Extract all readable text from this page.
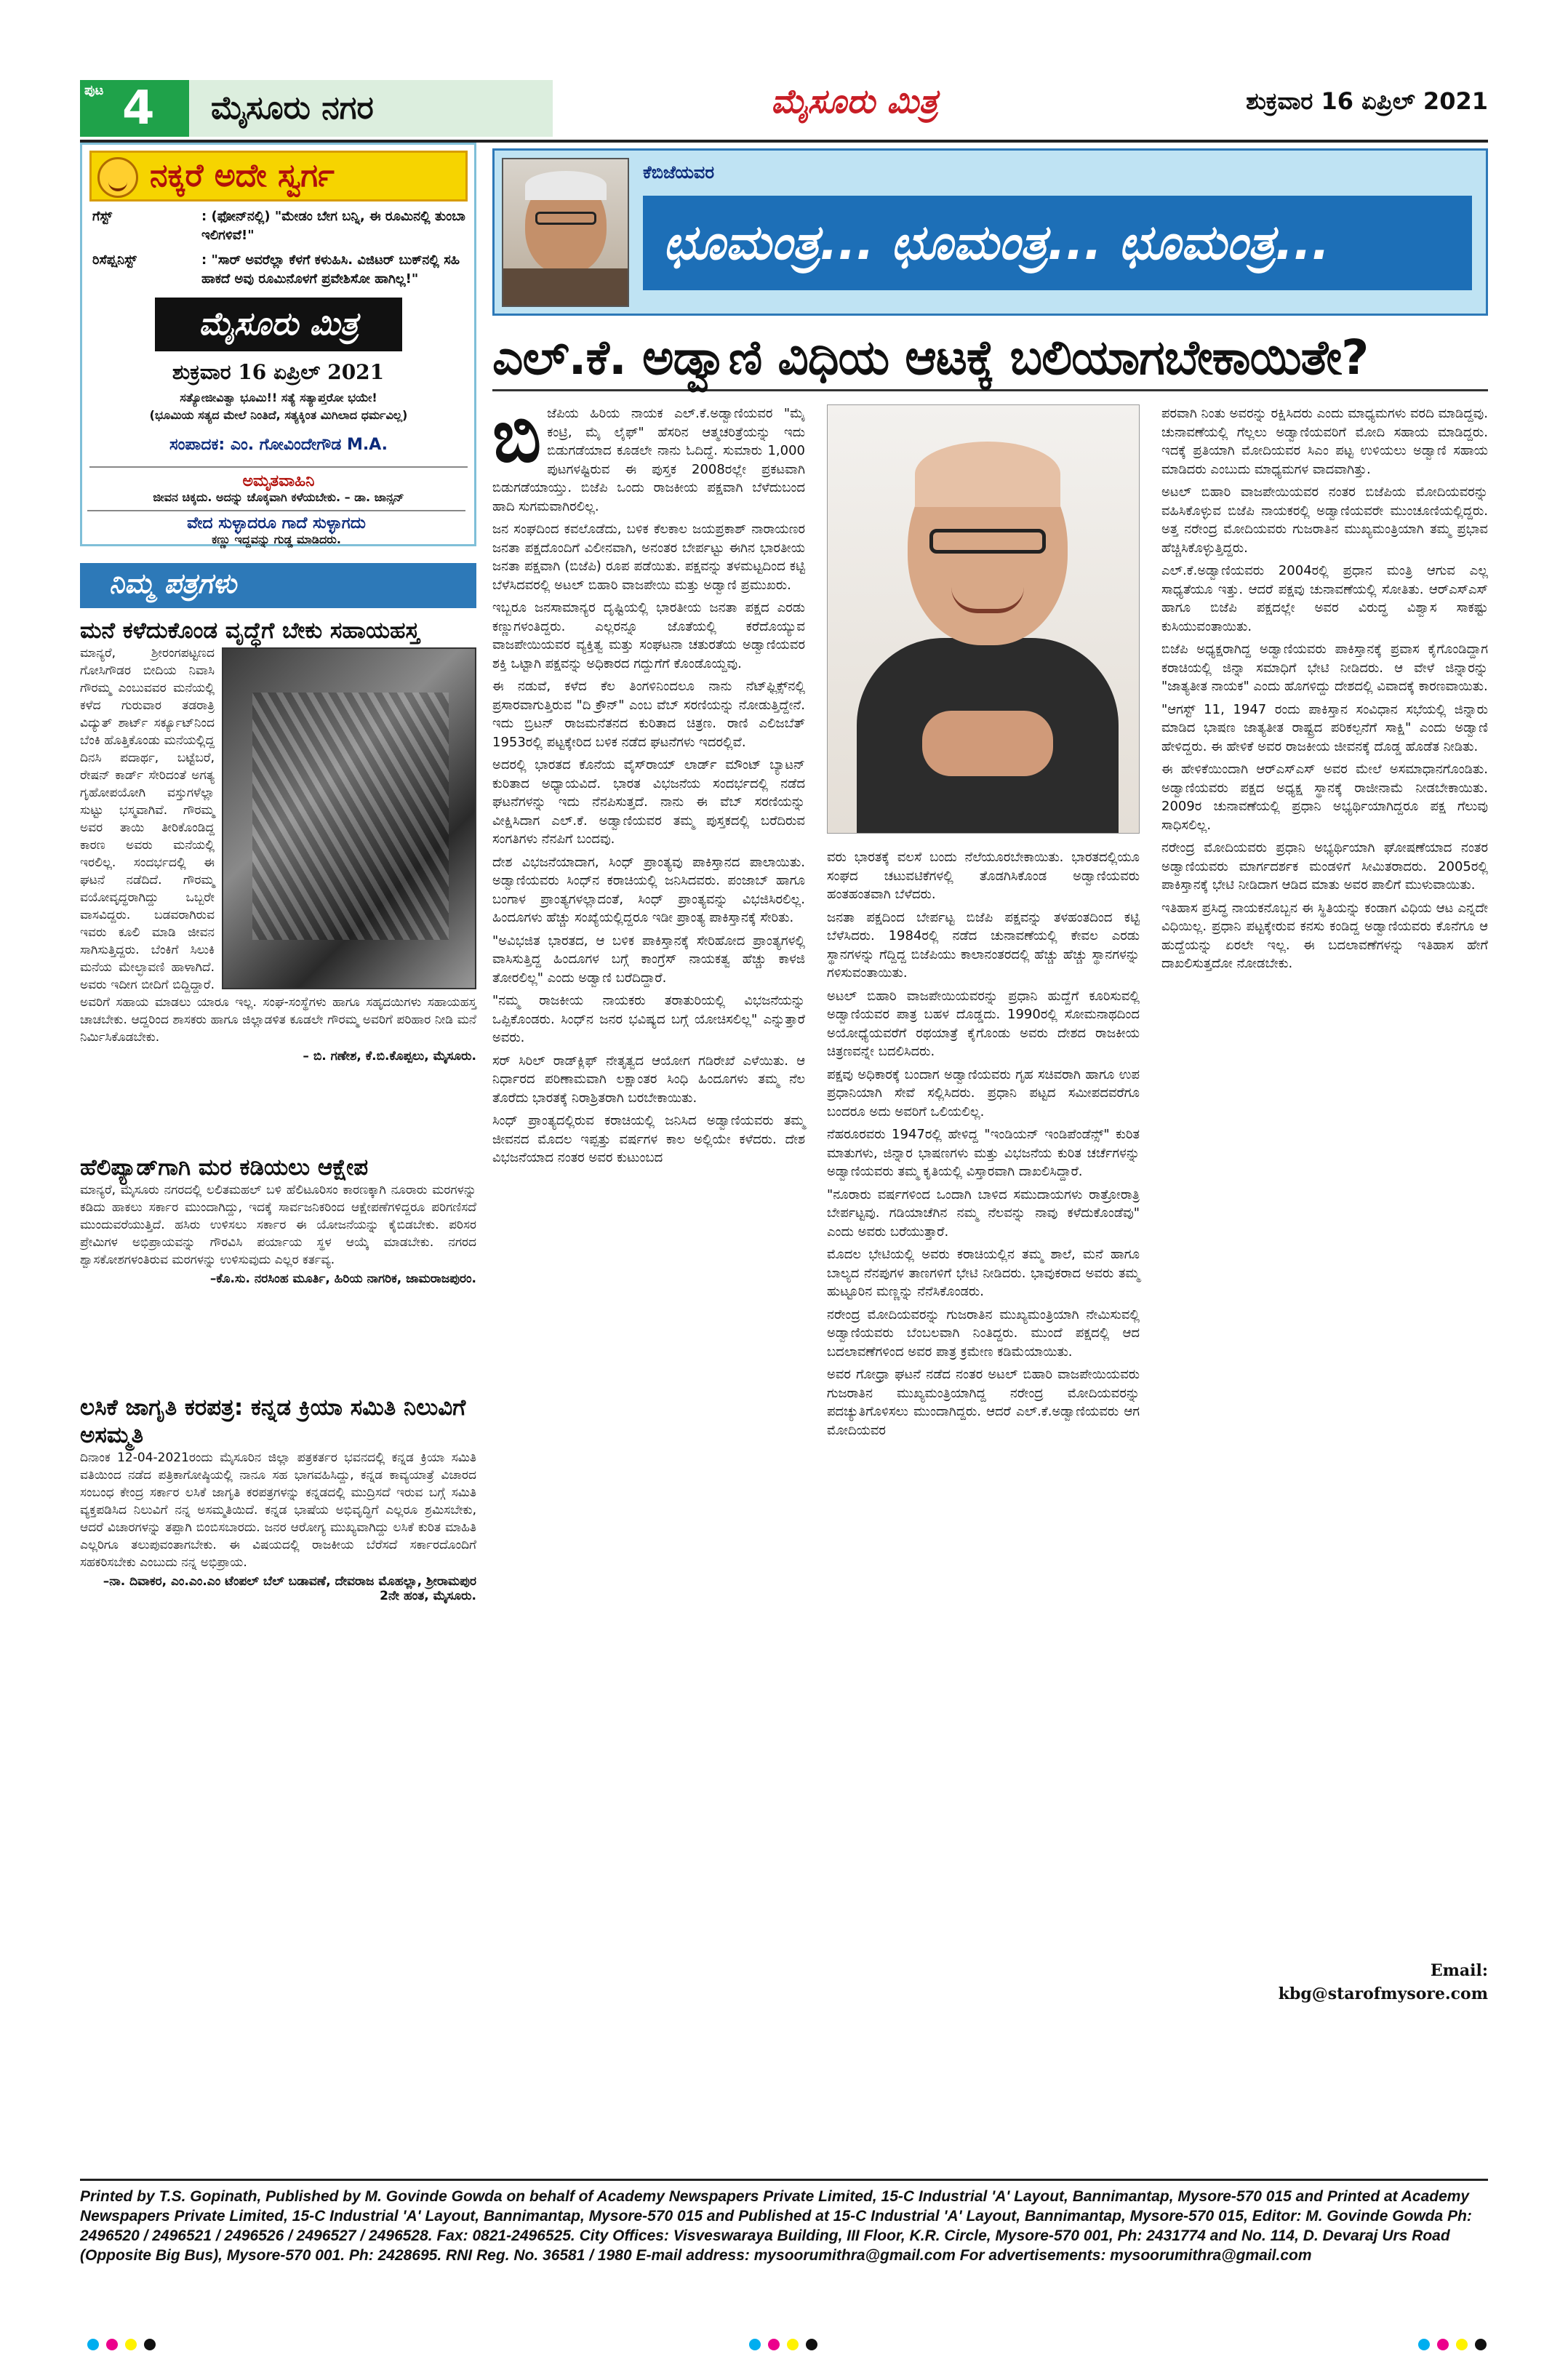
ಪುಟ 4	ಮೈಸೂರು ನಗರ	ಮೈಸೂರು ಮಿತ್ರ	ಶುಕ್ರವಾರ 16 ಏಪ್ರಿಲ್ 2021
ನಕ್ಕರೆ ಅದೇ ಸ್ವರ್ಗ
ಗೆಸ್ಟ್	: (ಫೋನ್‌ನಲ್ಲಿ) "ಮೇಡಂ ಬೇಗ ಬನ್ನಿ, ಈ ರೂಮಿನಲ್ಲಿ ತುಂಬಾ ಇಲಿಗಳಿವೆ!"
ರಿಸೆಪ್ಷನಿಸ್ಟ್	: "ಸಾರ್ ಅವರೆಲ್ಲಾ ಕೆಳಗೆ ಕಳುಹಿಸಿ. ವಿಜಿಟರ್ ಬುಕ್‌ನಲ್ಲಿ ಸಹಿ ಹಾಕದೆ ಅವು ರೂಮಿನೊಳಗೆ ಪ್ರವೇಶಿಸೋ ಹಾಗಿಲ್ಲ!"
ಮೈಸೂರು ಮಿತ್ರ
ಶುಕ್ರವಾರ 16 ಏಪ್ರಿಲ್ 2021
ಸತ್ಯೋಜೀವಿತ್ವಾ ಭೂಮಿ!! ಸತ್ಯೆ ಸತ್ಯಾಪ್ತರೋ ಭಯೇ!
(ಭೂಮಿಯ ಸತ್ಯದ ಮೇಲೆ ನಿಂತಿದೆ, ಸತ್ಯಕ್ಕಿಂತ ಮಿಗಿಲಾದ ಧರ್ಮವಿಲ್ಲ)
ಸಂಪಾದಕ: ಎಂ. ಗೋವಿಂದೇಗೌಡ M.A.
ಅಮೃತವಾಹಿನಿ
ಜೀವನ ಚಿಕ್ಕದು. ಅದನ್ನು ಚೊಕ್ಕವಾಗಿ ಕಳೆಯಬೇಕು. – ಡಾ. ಜಾನ್ಸನ್
ವೇದ ಸುಳ್ಳಾದರೂ ಗಾದೆ ಸುಳ್ಳಾಗದು
ಕಣ್ಣು ಇದ್ದವನ್ನು ಗುಡ್ಡ ಮಾಡಿದರು.
ನಿಮ್ಮ ಪತ್ರಗಳು
ಮನೆ ಕಳೆದುಕೊಂಡ ವೃದ್ಧೆಗೆ ಬೇಕು ಸಹಾಯಹಸ್ತ
ಮಾನ್ಯರೆ, ಶ್ರೀರಂಗಪಟ್ಟಣದ ಗೋಸಿಗೌಡರ ಬೀದಿಯ ನಿವಾಸಿ ಗೌರಮ್ಮ ಎಂಬುವವರ ಮನೆಯಲ್ಲಿ ಕಳೆದ ಗುರುವಾರ ತಡರಾತ್ರಿ ವಿದ್ಯುತ್ ಶಾರ್ಟ್ ಸರ್ಕ್ಯೂಟ್‌ನಿಂದ ಬೆಂಕಿ ಹೊತ್ತಿಕೊಂಡು ಮನೆಯಲ್ಲಿದ್ದ ದಿನಸಿ ಪದಾರ್ಥ, ಬಟ್ಟೆಬರೆ, ರೇಷನ್ ಕಾರ್ಡ್ ಸೇರಿದಂತೆ ಅಗತ್ಯ ಗೃಹೋಪಯೋಗಿ ವಸ್ತುಗಳೆಲ್ಲಾ ಸುಟ್ಟು ಭಸ್ಮವಾಗಿವೆ. ಗೌರಮ್ಮ ಅವರ ತಾಯಿ ತೀರಿಕೊಂಡಿದ್ದ ಕಾರಣ ಅವರು ಮನೆಯಲ್ಲಿ ಇರಲಿಲ್ಲ. ಸಂದರ್ಭದಲ್ಲಿ ಈ ಘಟನೆ ನಡೆದಿದೆ. ಗೌರಮ್ಮ ವಯೋವೃದ್ಧರಾಗಿದ್ದು ಒಬ್ಬರೇ ವಾಸವಿದ್ದರು. ಬಡವರಾಗಿರುವ ಇವರು ಕೂಲಿ ಮಾಡಿ ಜೀವನ ಸಾಗಿಸುತ್ತಿದ್ದರು. ಬೆಂಕಿಗೆ ಸಿಲುಕಿ ಮನೆಯ ಮೇಲ್ಛಾವಣಿ ಹಾಳಾಗಿದೆ. ಅವರು ಇದೀಗ ಬೀದಿಗೆ ಬಿದ್ದಿದ್ದಾರೆ. ಅವರಿಗೆ ಸಹಾಯ ಮಾಡಲು ಯಾರೂ ಇಲ್ಲ. ಸಂಘ-ಸಂಸ್ಥೆಗಳು ಹಾಗೂ ಸಹೃದಯಿಗಳು ಸಹಾಯಹಸ್ತ ಚಾಚಬೇಕು. ಆದ್ದರಿಂದ ಶಾಸಕರು ಹಾಗೂ ಜಿಲ್ಲಾಡಳಿತ ಕೂಡಲೇ ಗೌರಮ್ಮ ಅವರಿಗೆ ಪರಿಹಾರ ನೀಡಿ ಮನೆ ನಿರ್ಮಿಸಿಕೊಡಬೇಕು.
– ಬಿ. ಗಣೇಶ, ಕೆ.ಬಿ.ಕೊಪ್ಪಲು, ಮೈಸೂರು.
ಹೆಲಿಪ್ಯಾಡ್‌ಗಾಗಿ ಮರ ಕಡಿಯಲು ಆಕ್ಷೇಪ
ಮಾನ್ಯರೆ, ಮೈಸೂರು ನಗರದಲ್ಲಿ ಲಲಿತಮಹಲ್ ಬಳಿ ಹೆಲಿಟೂರಿಸಂ ಕಾರಣಕ್ಕಾಗಿ ನೂರಾರು ಮರಗಳನ್ನು ಕಡಿದು ಹಾಕಲು ಸರ್ಕಾರ ಮುಂದಾಗಿದ್ದು, ಇದಕ್ಕೆ ಸಾರ್ವಜನಿಕರಿಂದ ಆಕ್ಷೇಪಣೆಗಳಿದ್ದರೂ ಪರಿಗಣಿಸದೆ ಮುಂದುವರೆಯುತ್ತಿದೆ. ಹಸಿರು ಉಳಿಸಲು ಸರ್ಕಾರ ಈ ಯೋಜನೆಯನ್ನು ಕೈಬಿಡಬೇಕು. ಪರಿಸರ ಪ್ರೇಮಿಗಳ ಅಭಿಪ್ರಾಯವನ್ನು ಗೌರವಿಸಿ ಪರ್ಯಾಯ ಸ್ಥಳ ಆಯ್ಕೆ ಮಾಡಬೇಕು. ನಗರದ ಶ್ವಾಸಕೋಶಗಳಂತಿರುವ ಮರಗಳನ್ನು ಉಳಿಸುವುದು ಎಲ್ಲರ ಕರ್ತವ್ಯ.
–ಕೊ.ಸು. ನರಸಿಂಹ ಮೂರ್ತಿ, ಹಿರಿಯ ನಾಗರಿಕ, ಜಾಮರಾಜಪುರಂ.
ಲಸಿಕೆ ಜಾಗೃತಿ ಕರಪತ್ರ: ಕನ್ನಡ ಕ್ರಿಯಾ ಸಮಿತಿ ನಿಲುವಿಗೆ ಅಸಮ್ಮತಿ
ದಿನಾಂಕ 12-04-2021ರಂದು ಮೈಸೂರಿನ ಜಿಲ್ಲಾ ಪತ್ರಕರ್ತರ ಭವನದಲ್ಲಿ ಕನ್ನಡ ಕ್ರಿಯಾ ಸಮಿತಿ ವತಿಯಿಂದ ನಡೆದ ಪತ್ರಿಕಾಗೋಷ್ಠಿಯಲ್ಲಿ ನಾನೂ ಸಹ ಭಾಗವಹಿಸಿದ್ದು, ಕನ್ನಡ ಕಾವ್ಯಯಾತ್ರೆ ವಿಚಾರದ ಸಂಬಂಧ ಕೇಂದ್ರ ಸರ್ಕಾರ ಲಸಿಕೆ ಜಾಗೃತಿ ಕರಪತ್ರಗಳನ್ನು ಕನ್ನಡದಲ್ಲಿ ಮುದ್ರಿಸದೆ ಇರುವ ಬಗ್ಗೆ ಸಮಿತಿ ವ್ಯಕ್ತಪಡಿಸಿದ ನಿಲುವಿಗೆ ನನ್ನ ಅಸಮ್ಮತಿಯಿದೆ. ಕನ್ನಡ ಭಾಷೆಯ ಅಭಿವೃದ್ಧಿಗೆ ಎಲ್ಲರೂ ಶ್ರಮಿಸಬೇಕು, ಆದರೆ ವಿಚಾರಗಳನ್ನು ತಪ್ಪಾಗಿ ಬಿಂಬಿಸಬಾರದು. ಜನರ ಆರೋಗ್ಯ ಮುಖ್ಯವಾಗಿದ್ದು ಲಸಿಕೆ ಕುರಿತ ಮಾಹಿತಿ ಎಲ್ಲರಿಗೂ ತಲುಪುವಂತಾಗಬೇಕು. ಈ ವಿಷಯದಲ್ಲಿ ರಾಜಕೀಯ ಬೆರೆಸದೆ ಸರ್ಕಾರದೊಂದಿಗೆ ಸಹಕರಿಸಬೇಕು ಎಂಬುದು ನನ್ನ ಅಭಿಪ್ರಾಯ.
–ನಾ. ದಿವಾಕರ, ಎಂ.ಎಂ.ಎಂ ಟೆಂಪಲ್ ಬೆಲ್ ಬಡಾವಣೆ, ದೇವರಾಜ ಮೊಹಲ್ಲಾ, ಶ್ರೀರಾಮಪುರ 2ನೇ ಹಂತ, ಮೈಸೂರು.
ಕೆಬಿಜೆಯವರ
ಛೂಮಂತ್ರ... ಛೂಮಂತ್ರ... ಛೂಮಂತ್ರ...
ಎಲ್.ಕೆ. ಅಡ್ವಾಣಿ ವಿಧಿಯ ಆಟಕ್ಕೆ ಬಲಿಯಾಗಬೇಕಾಯಿತೇ?

ಬಿಜೆಪಿಯ ಹಿರಿಯ ನಾಯಕ ಎಲ್.ಕೆ.ಅಡ್ವಾಣಿಯವರ "ಮೈ ಕಂಟ್ರಿ, ಮೈ ಲೈಫ್" ಹೆಸರಿನ ಆತ್ಮಚರಿತ್ರೆಯನ್ನು ಇದು ಬಿಡುಗಡೆಯಾದ ಕೂಡಲೇ ನಾನು ಓದಿದ್ದೆ. ಸುಮಾರು 1,000 ಪುಟಗಳಷ್ಟಿರುವ ಈ ಪುಸ್ತಕ 2008ರಲ್ಲೇ ಪ್ರಕಟವಾಗಿ ಬಿಡುಗಡೆಯಾಯ್ತು. ಬಿಜೆಪಿ ಒಂದು ರಾಜಕೀಯ ಪಕ್ಷವಾಗಿ ಬೆಳೆದುಬಂದ ಹಾದಿ ಸುಗಮವಾಗಿರಲಿಲ್ಲ.

ಜನ ಸಂಘದಿಂದ ಕವಲೊಡೆದು, ಬಳಿಕ ಕೆಲಕಾಲ ಜಯಪ್ರಕಾಶ್ ನಾರಾಯಣರ ಜನತಾ ಪಕ್ಷದೊಂದಿಗೆ ವಿಲೀನವಾಗಿ, ಅನಂತರ ಬೇರ್ಪಟ್ಟು ಈಗಿನ ಭಾರತೀಯ ಜನತಾ ಪಕ್ಷವಾಗಿ (ಬಿಜೆಪಿ) ರೂಪ ಪಡೆಯಿತು. ಪಕ್ಷವನ್ನು ತಳಮಟ್ಟದಿಂದ ಕಟ್ಟಿ ಬೆಳೆಸಿದವರಲ್ಲಿ ಅಟಲ್ ಬಿಹಾರಿ ವಾಜಪೇಯಿ ಮತ್ತು ಅಡ್ವಾಣಿ ಪ್ರಮುಖರು.

ಇಬ್ಬರೂ ಜನಸಾಮಾನ್ಯರ ದೃಷ್ಟಿಯಲ್ಲಿ ಭಾರತೀಯ ಜನತಾ ಪಕ್ಷದ ಎರಡು ಕಣ್ಣುಗಳಂತಿದ್ದರು. ಎಲ್ಲರನ್ನೂ ಜೊತೆಯಲ್ಲಿ ಕರೆದೊಯ್ಯುವ ವಾಜಪೇಯಿಯವರ ವ್ಯಕ್ತಿತ್ವ ಮತ್ತು ಸಂಘಟನಾ ಚತುರತೆಯ ಅಡ್ವಾಣಿಯವರ ಶಕ್ತಿ ಒಟ್ಟಾಗಿ ಪಕ್ಷವನ್ನು ಅಧಿಕಾರದ ಗದ್ದುಗೆಗೆ ಕೊಂಡೊಯ್ದವು.

ಈ ನಡುವೆ, ಕಳೆದ ಕೆಲ ತಿಂಗಳಿನಿಂದಲೂ ನಾನು ನೆಟ್‌ಫ್ಲಿಕ್ಸ್‌ನಲ್ಲಿ ಪ್ರಸಾರವಾಗುತ್ತಿರುವ "ದಿ ಕ್ರೌನ್" ಎಂಬ ವೆಬ್ ಸರಣಿಯನ್ನು ನೋಡುತ್ತಿದ್ದೇನೆ. ಇದು ಬ್ರಿಟನ್ ರಾಜಮನೆತನದ ಕುರಿತಾದ ಚಿತ್ರಣ. ರಾಣಿ ಎಲಿಜಬೆತ್ 1953ರಲ್ಲಿ ಪಟ್ಟಕ್ಕೇರಿದ ಬಳಿಕ ನಡೆದ ಘಟನೆಗಳು ಇದರಲ್ಲಿವೆ.

ಅದರಲ್ಲಿ ಭಾರತದ ಕೊನೆಯ ವೈಸ್‌ರಾಯ್ ಲಾರ್ಡ್ ಮೌಂಟ್ ಬ್ಯಾಟನ್ ಕುರಿತಾದ ಅಧ್ಯಾಯವಿದೆ. ಭಾರತ ವಿಭಜನೆಯ ಸಂದರ್ಭದಲ್ಲಿ ನಡೆದ ಘಟನೆಗಳನ್ನು ಇದು ನೆನಪಿಸುತ್ತದೆ. ನಾನು ಈ ವೆಬ್ ಸರಣಿಯನ್ನು ವೀಕ್ಷಿಸಿದಾಗ ಎಲ್.ಕೆ. ಅಡ್ವಾಣಿಯವರ ತಮ್ಮ ಪುಸ್ತಕದಲ್ಲಿ ಬರೆದಿರುವ ಸಂಗತಿಗಳು ನೆನಪಿಗೆ ಬಂದವು.

ದೇಶ ವಿಭಜನೆಯಾದಾಗ, ಸಿಂಧ್ ಪ್ರಾಂತ್ಯವು ಪಾಕಿಸ್ತಾನದ ಪಾಲಾಯಿತು. ಅಡ್ವಾಣಿಯವರು ಸಿಂಧ್‌ನ ಕರಾಚಿಯಲ್ಲಿ ಜನಿಸಿದವರು. ಪಂಜಾಬ್ ಹಾಗೂ ಬಂಗಾಳ ಪ್ರಾಂತ್ಯಗಳಲ್ಲಾದಂತೆ, ಸಿಂಧ್ ಪ್ರಾಂತ್ಯವನ್ನು ವಿಭಜಿಸಿರಲಿಲ್ಲ. ಹಿಂದೂಗಳು ಹೆಚ್ಚು ಸಂಖ್ಯೆಯಲ್ಲಿದ್ದರೂ ಇಡೀ ಪ್ರಾಂತ್ಯ ಪಾಕಿಸ್ತಾನಕ್ಕೆ ಸೇರಿತು.

"ಅವಿಭಜಿತ ಭಾರತದ, ಆ ಬಳಿಕ ಪಾಕಿಸ್ತಾನಕ್ಕೆ ಸೇರಿಹೋದ ಪ್ರಾಂತ್ಯಗಳಲ್ಲಿ ವಾಸಿಸುತ್ತಿದ್ದ ಹಿಂದೂಗಳ ಬಗ್ಗೆ ಕಾಂಗ್ರೆಸ್ ನಾಯಕತ್ವ ಹೆಚ್ಚು ಕಾಳಜಿ ತೋರಲಿಲ್ಲ" ಎಂದು ಅಡ್ವಾಣಿ ಬರೆದಿದ್ದಾರೆ.

"ನಮ್ಮ ರಾಜಕೀಯ ನಾಯಕರು ತರಾತುರಿಯಲ್ಲಿ ವಿಭಜನೆಯನ್ನು ಒಪ್ಪಿಕೊಂಡರು. ಸಿಂಧ್‌ನ ಜನರ ಭವಿಷ್ಯದ ಬಗ್ಗೆ ಯೋಚಿಸಲಿಲ್ಲ" ಎನ್ನುತ್ತಾರೆ ಅವರು.

ಸರ್ ಸಿರಿಲ್ ರಾಡ್‌ಕ್ಲಿಫ್ ನೇತೃತ್ವದ ಆಯೋಗ ಗಡಿರೇಖೆ ಎಳೆಯಿತು. ಆ ನಿರ್ಧಾರದ ಪರಿಣಾಮವಾಗಿ ಲಕ್ಷಾಂತರ ಸಿಂಧಿ ಹಿಂದೂಗಳು ತಮ್ಮ ನೆಲ ತೊರೆದು ಭಾರತಕ್ಕೆ ನಿರಾಶ್ರಿತರಾಗಿ ಬರಬೇಕಾಯಿತು.

ಸಿಂಧ್ ಪ್ರಾಂತ್ಯದಲ್ಲಿರುವ ಕರಾಚಿಯಲ್ಲಿ ಜನಿಸಿದ ಅಡ್ವಾಣಿಯವರು ತಮ್ಮ ಜೀವನದ ಮೊದಲ ಇಪ್ಪತ್ತು ವರ್ಷಗಳ ಕಾಲ ಅಲ್ಲಿಯೇ ಕಳೆದರು. ದೇಶ ವಿಭಜನೆಯಾದ ನಂತರ ಅವರ ಕುಟುಂಬದ

ವರು ಭಾರತಕ್ಕೆ ವಲಸೆ ಬಂದು ನೆಲೆಯೂರಬೇಕಾಯಿತು. ಭಾರತದಲ್ಲಿಯೂ ಸಂಘದ ಚಟುವಟಿಕೆಗಳಲ್ಲಿ ತೊಡಗಿಸಿಕೊಂಡ ಅಡ್ವಾಣಿಯವರು ಹಂತಹಂತವಾಗಿ ಬೆಳೆದರು.

ಜನತಾ ಪಕ್ಷದಿಂದ ಬೇರ್ಪಟ್ಟ ಬಿಜೆಪಿ ಪಕ್ಷವನ್ನು ತಳಹಂತದಿಂದ ಕಟ್ಟಿ ಬೆಳೆಸಿದರು. 1984ರಲ್ಲಿ ನಡೆದ ಚುನಾವಣೆಯಲ್ಲಿ ಕೇವಲ ಎರಡು ಸ್ಥಾನಗಳನ್ನು ಗೆದ್ದಿದ್ದ ಬಿಜೆಪಿಯು ಕಾಲಾನಂತರದಲ್ಲಿ ಹೆಚ್ಚು ಹೆಚ್ಚು ಸ್ಥಾನಗಳನ್ನು ಗಳಿಸುವಂತಾಯಿತು.

ಅಟಲ್ ಬಿಹಾರಿ ವಾಜಪೇಯಿಯವರನ್ನು ಪ್ರಧಾನಿ ಹುದ್ದೆಗೆ ಕೂರಿಸುವಲ್ಲಿ ಅಡ್ವಾಣಿಯವರ ಪಾತ್ರ ಬಹಳ ದೊಡ್ಡದು. 1990ರಲ್ಲಿ ಸೋಮನಾಥದಿಂದ ಅಯೋಧ್ಯೆಯವರೆಗೆ ರಥಯಾತ್ರೆ ಕೈಗೊಂಡು ಅವರು ದೇಶದ ರಾಜಕೀಯ ಚಿತ್ರಣವನ್ನೇ ಬದಲಿಸಿದರು.

ಪಕ್ಷವು ಅಧಿಕಾರಕ್ಕೆ ಬಂದಾಗ ಅಡ್ವಾಣಿಯವರು ಗೃಹ ಸಚಿವರಾಗಿ ಹಾಗೂ ಉಪ ಪ್ರಧಾನಿಯಾಗಿ ಸೇವೆ ಸಲ್ಲಿಸಿದರು. ಪ್ರಧಾನಿ ಪಟ್ಟದ ಸಮೀಪದವರೆಗೂ ಬಂದರೂ ಅದು ಅವರಿಗೆ ಒಲಿಯಲಿಲ್ಲ.

ನೆಹರೂರವರು 1947ರಲ್ಲಿ ಹೇಳಿದ್ದ "ಇಂಡಿಯನ್ ಇಂಡಿಪೆಂಡೆನ್ಸ್" ಕುರಿತ ಮಾತುಗಳು, ಜಿನ್ನಾರ ಭಾಷಣಗಳು ಮತ್ತು ವಿಭಜನೆಯ ಕುರಿತ ಚರ್ಚೆಗಳನ್ನು ಅಡ್ವಾಣಿಯವರು ತಮ್ಮ ಕೃತಿಯಲ್ಲಿ ವಿಸ್ತಾರವಾಗಿ ದಾಖಲಿಸಿದ್ದಾರೆ.

"ನೂರಾರು ವರ್ಷಗಳಿಂದ ಒಂದಾಗಿ ಬಾಳಿದ ಸಮುದಾಯಗಳು ರಾತ್ರೋರಾತ್ರಿ ಬೇರ್ಪಟ್ಟವು. ಗಡಿಯಾಚೆಗಿನ ನಮ್ಮ ನೆಲವನ್ನು ನಾವು ಕಳೆದುಕೊಂಡೆವು" ಎಂದು ಅವರು ಬರೆಯುತ್ತಾರೆ.

ಮೊದಲ ಭೇಟಿಯಲ್ಲಿ ಅವರು ಕರಾಚಿಯಲ್ಲಿನ ತಮ್ಮ ಶಾಲೆ, ಮನೆ ಹಾಗೂ ಬಾಲ್ಯದ ನೆನಪುಗಳ ತಾಣಗಳಿಗೆ ಭೇಟಿ ನೀಡಿದರು. ಭಾವುಕರಾದ ಅವರು ತಮ್ಮ ಹುಟ್ಟೂರಿನ ಮಣ್ಣನ್ನು ನೆನೆಸಿಕೊಂಡರು.

ನರೇಂದ್ರ ಮೋದಿಯವರನ್ನು ಗುಜರಾತಿನ ಮುಖ್ಯಮಂತ್ರಿಯಾಗಿ ನೇಮಿಸುವಲ್ಲಿ ಅಡ್ವಾಣಿಯವರು ಬೆಂಬಲವಾಗಿ ನಿಂತಿದ್ದರು. ಮುಂದೆ ಪಕ್ಷದಲ್ಲಿ ಆದ ಬದಲಾವಣೆಗಳಿಂದ ಅವರ ಪಾತ್ರ ಕ್ರಮೇಣ ಕಡಿಮೆಯಾಯಿತು.

ಅವರ ಗೋಧ್ರಾ ಘಟನೆ ನಡೆದ ನಂತರ ಅಟಲ್ ಬಿಹಾರಿ ವಾಜಪೇಯಿಯವರು ಗುಜರಾತಿನ ಮುಖ್ಯಮಂತ್ರಿಯಾಗಿದ್ದ ನರೇಂದ್ರ ಮೋದಿಯವರನ್ನು ಪದಚ್ಯುತಿಗೊಳಿಸಲು ಮುಂದಾಗಿದ್ದರು. ಆದರೆ ಎಲ್.ಕೆ.ಅಡ್ವಾಣಿಯವರು ಆಗ ಮೋದಿಯವರ

ಪರವಾಗಿ ನಿಂತು ಅವರನ್ನು ರಕ್ಷಿಸಿದರು ಎಂದು ಮಾಧ್ಯಮಗಳು ವರದಿ ಮಾಡಿದ್ದವು. ಚುನಾವಣೆಯಲ್ಲಿ ಗೆಲ್ಲಲು ಅಡ್ವಾಣಿಯವರಿಗೆ ಮೋದಿ ಸಹಾಯ ಮಾಡಿದ್ದರು. ಇದಕ್ಕೆ ಪ್ರತಿಯಾಗಿ ಮೋದಿಯವರ ಸಿಎಂ ಪಟ್ಟ ಉಳಿಯಲು ಅಡ್ವಾಣಿ ಸಹಾಯ ಮಾಡಿದರು ಎಂಬುದು ಮಾಧ್ಯಮಗಳ ವಾದವಾಗಿತ್ತು.

ಅಟಲ್ ಬಿಹಾರಿ ವಾಜಪೇಯಿಯವರ ನಂತರ ಬಿಜೆಪಿಯ ಮೋದಿಯವರನ್ನು ವಹಿಸಿಕೊಳ್ಳುವ ಬಿಜೆಪಿ ನಾಯಕರಲ್ಲಿ ಅಡ್ವಾಣಿಯವರೇ ಮುಂಚೂಣಿಯಲ್ಲಿದ್ದರು. ಅತ್ತ ನರೇಂದ್ರ ಮೋದಿಯವರು ಗುಜರಾತಿನ ಮುಖ್ಯಮಂತ್ರಿಯಾಗಿ ತಮ್ಮ ಪ್ರಭಾವ ಹೆಚ್ಚಿಸಿಕೊಳ್ಳುತ್ತಿದ್ದರು.

ಎಲ್.ಕೆ.ಅಡ್ವಾಣಿಯವರು 2004ರಲ್ಲಿ ಪ್ರಧಾನ ಮಂತ್ರಿ ಆಗುವ ಎಲ್ಲ ಸಾಧ್ಯತೆಯೂ ಇತ್ತು. ಆದರೆ ಪಕ್ಷವು ಚುನಾವಣೆಯಲ್ಲಿ ಸೋತಿತು. ಆರ್‌ಎಸ್‌ಎಸ್ ಹಾಗೂ ಬಿಜೆಪಿ ಪಕ್ಷದಲ್ಲೇ ಅವರ ವಿರುದ್ಧ ವಿಶ್ವಾಸ ಸಾಕಷ್ಟು ಕುಸಿಯುವಂತಾಯಿತು.

ಬಿಜೆಪಿ ಅಧ್ಯಕ್ಷರಾಗಿದ್ದ ಅಡ್ವಾಣಿಯವರು ಪಾಕಿಸ್ತಾನಕ್ಕೆ ಪ್ರವಾಸ ಕೈಗೊಂಡಿದ್ದಾಗ ಕರಾಚಿಯಲ್ಲಿ ಜಿನ್ನಾ ಸಮಾಧಿಗೆ ಭೇಟಿ ನೀಡಿದರು. ಆ ವೇಳೆ ಜಿನ್ನಾರನ್ನು "ಜಾತ್ಯತೀತ ನಾಯಕ" ಎಂದು ಹೊಗಳಿದ್ದು ದೇಶದಲ್ಲಿ ವಿವಾದಕ್ಕೆ ಕಾರಣವಾಯಿತು.

"ಆಗಸ್ಟ್ 11, 1947 ರಂದು ಪಾಕಿಸ್ತಾನ ಸಂವಿಧಾನ ಸಭೆಯಲ್ಲಿ ಜಿನ್ನಾರು ಮಾಡಿದ ಭಾಷಣ ಜಾತ್ಯತೀತ ರಾಷ್ಟ್ರದ ಪರಿಕಲ್ಪನೆಗೆ ಸಾಕ್ಷಿ" ಎಂದು ಅಡ್ವಾಣಿ ಹೇಳಿದ್ದರು. ಈ ಹೇಳಿಕೆ ಅವರ ರಾಜಕೀಯ ಜೀವನಕ್ಕೆ ದೊಡ್ಡ ಹೊಡೆತ ನೀಡಿತು.

ಈ ಹೇಳಿಕೆಯಿಂದಾಗಿ ಆರ್‌ಎಸ್‌ಎಸ್ ಅವರ ಮೇಲೆ ಅಸಮಾಧಾನಗೊಂಡಿತು. ಅಡ್ವಾಣಿಯವರು ಪಕ್ಷದ ಅಧ್ಯಕ್ಷ ಸ್ಥಾನಕ್ಕೆ ರಾಜೀನಾಮೆ ನೀಡಬೇಕಾಯಿತು. 2009ರ ಚುನಾವಣೆಯಲ್ಲಿ ಪ್ರಧಾನಿ ಅಭ್ಯರ್ಥಿಯಾಗಿದ್ದರೂ ಪಕ್ಷ ಗೆಲುವು ಸಾಧಿಸಲಿಲ್ಲ.

ನರೇಂದ್ರ ಮೋದಿಯವರು ಪ್ರಧಾನಿ ಅಭ್ಯರ್ಥಿಯಾಗಿ ಘೋಷಣೆಯಾದ ನಂತರ ಅಡ್ವಾಣಿಯವರು ಮಾರ್ಗದರ್ಶಕ ಮಂಡಳಿಗೆ ಸೀಮಿತರಾದರು. 2005ರಲ್ಲಿ ಪಾಕಿಸ್ತಾನಕ್ಕೆ ಭೇಟಿ ನೀಡಿದಾಗ ಆಡಿದ ಮಾತು ಅವರ ಪಾಲಿಗೆ ಮುಳುವಾಯಿತು.

ಇತಿಹಾಸ ಪ್ರಸಿದ್ಧ ನಾಯಕನೊಬ್ಬನ ಈ ಸ್ಥಿತಿಯನ್ನು ಕಂಡಾಗ ವಿಧಿಯ ಆಟ ಎನ್ನದೇ ವಿಧಿಯಿಲ್ಲ. ಪ್ರಧಾನಿ ಪಟ್ಟಕ್ಕೇರುವ ಕನಸು ಕಂಡಿದ್ದ ಅಡ್ವಾಣಿಯವರು ಕೊನೆಗೂ ಆ ಹುದ್ದೆಯನ್ನು ಏರಲೇ ಇಲ್ಲ. ಈ ಬದಲಾವಣೆಗಳನ್ನು ಇತಿಹಾಸ ಹೇಗೆ ದಾಖಲಿಸುತ್ತದೋ ನೋಡಬೇಕು.

Email:
kbg@starofmysore.com
Printed by T.S. Gopinath, Published by M. Govinde Gowda on behalf of Academy Newspapers Private Limited, 15-C Industrial 'A' Layout, Bannimantap, Mysore-570 015 and Printed at Academy Newspapers Private Limited, 15-C Industrial 'A' Layout, Bannimantap, Mysore-570 015 and Published at 15-C Industrial 'A' Layout, Bannimantap, Mysore-570 015, Editor: M. Govinde Gowda Ph: 2496520 / 2496521 / 2496526 / 2496527 / 2496528. Fax: 0821-2496525. City Offices: Visveswaraya Building, III Floor, K.R. Circle, Mysore-570 001, Ph: 2431774 and No. 114, D. Devaraj Urs Road (Opposite Big Bus), Mysore-570 001. Ph: 2428695. RNI Reg. No. 36581 / 1980 E-mail address: mysoorumithra@gmail.com For advertisements: mysoorumithra@gmail.com
